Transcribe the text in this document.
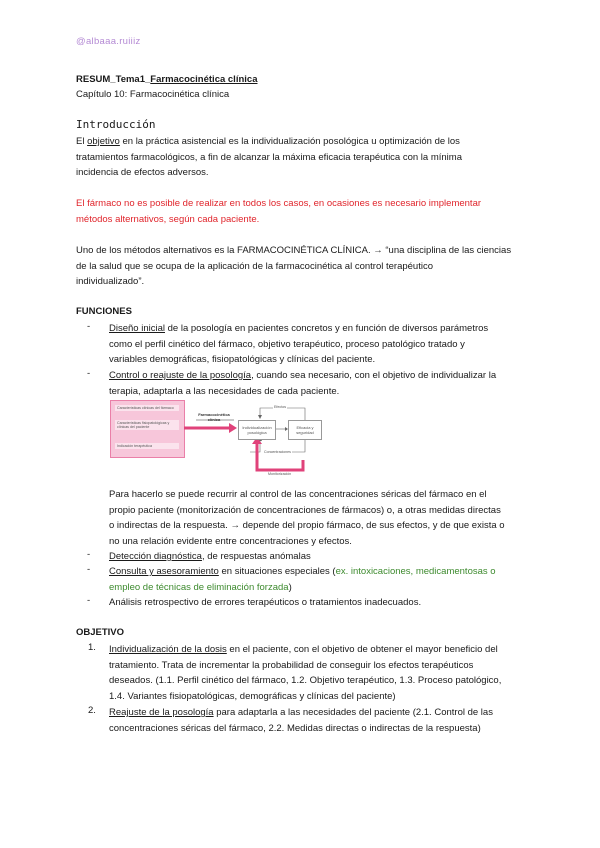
@albaaa.ruiiiz
RESUM_Tema1_Farmacocinética clínica
Capítulo 10: Farmacocinética clínica
Introducción
El objetivo en la práctica asistencial es la individualización posológica u optimización de los
tratamientos farmacológicos, a fin de alcanzar la máxima eficacia terapéutica con la mínima
incidencia de efectos adversos.
El fármaco no es posible de realizar en todos los casos, en ocasiones es necesario implementar
métodos alternativos, según cada paciente.
Uno de los métodos alternativos es la FARMACOCINÉTICA CLÍNICA. → “una disciplina de las ciencias
de la salud que se ocupa de la aplicación de la farmacocinética al control terapéutico
individualizado”.
FUNCIONES
- Diseño inicial de la posología en pacientes concretos y en función de diversos parámetros
como el perfil cinético del fármaco, objetivo terapéutico, proceso patológico tratado y
variables demográficas, fisiopatológicas y clínicas del paciente.
- Control o reajuste de la posología, cuando sea necesario, con el objetivo de individualizar la
terapia, adaptarla a las necesidades de cada paciente.
Características clínicas del fármaco
Características fisiopatológicas y clínicas del paciente
Indicación terapéutica
Farmacocinética clínica
Individualización posológica
Eficacia y seguridad
Efectos
Concentraciones
Monitorización
Para hacerlo se puede recurrir al control de las concentraciones séricas del fármaco en el
propio paciente (monitorización de concentraciones de fármacos) o, a otras medidas directas
o indirectas de la respuesta. → depende del propio fármaco, de sus efectos, y de que exista o
no una relación evidente entre concentraciones y efectos.
- Detección diagnóstica, de respuestas anómalas
- Consulta y asesoramiento en situaciones especiales (ex. intoxicaciones, medicamentosas o
empleo de técnicas de eliminación forzada)
- Análisis retrospectivo de errores terapéuticos o tratamientos inadecuados.
OBJETIVO
1. Individualización de la dosis en el paciente, con el objetivo de obtener el mayor beneficio del
tratamiento. Trata de incrementar la probabilidad de conseguir los efectos terapéuticos
deseados. (1.1. Perfil cinético del fármaco, 1.2. Objetivo terapéutico, 1.3. Proceso patológico,
1.4. Variantes fisiopatológicas, demográficas y clínicas del paciente)
2. Reajuste de la posología para adaptarla a las necesidades del paciente (2.1. Control de las
concentraciones séricas del fármaco, 2.2. Medidas directas o indirectas de la respuesta)
